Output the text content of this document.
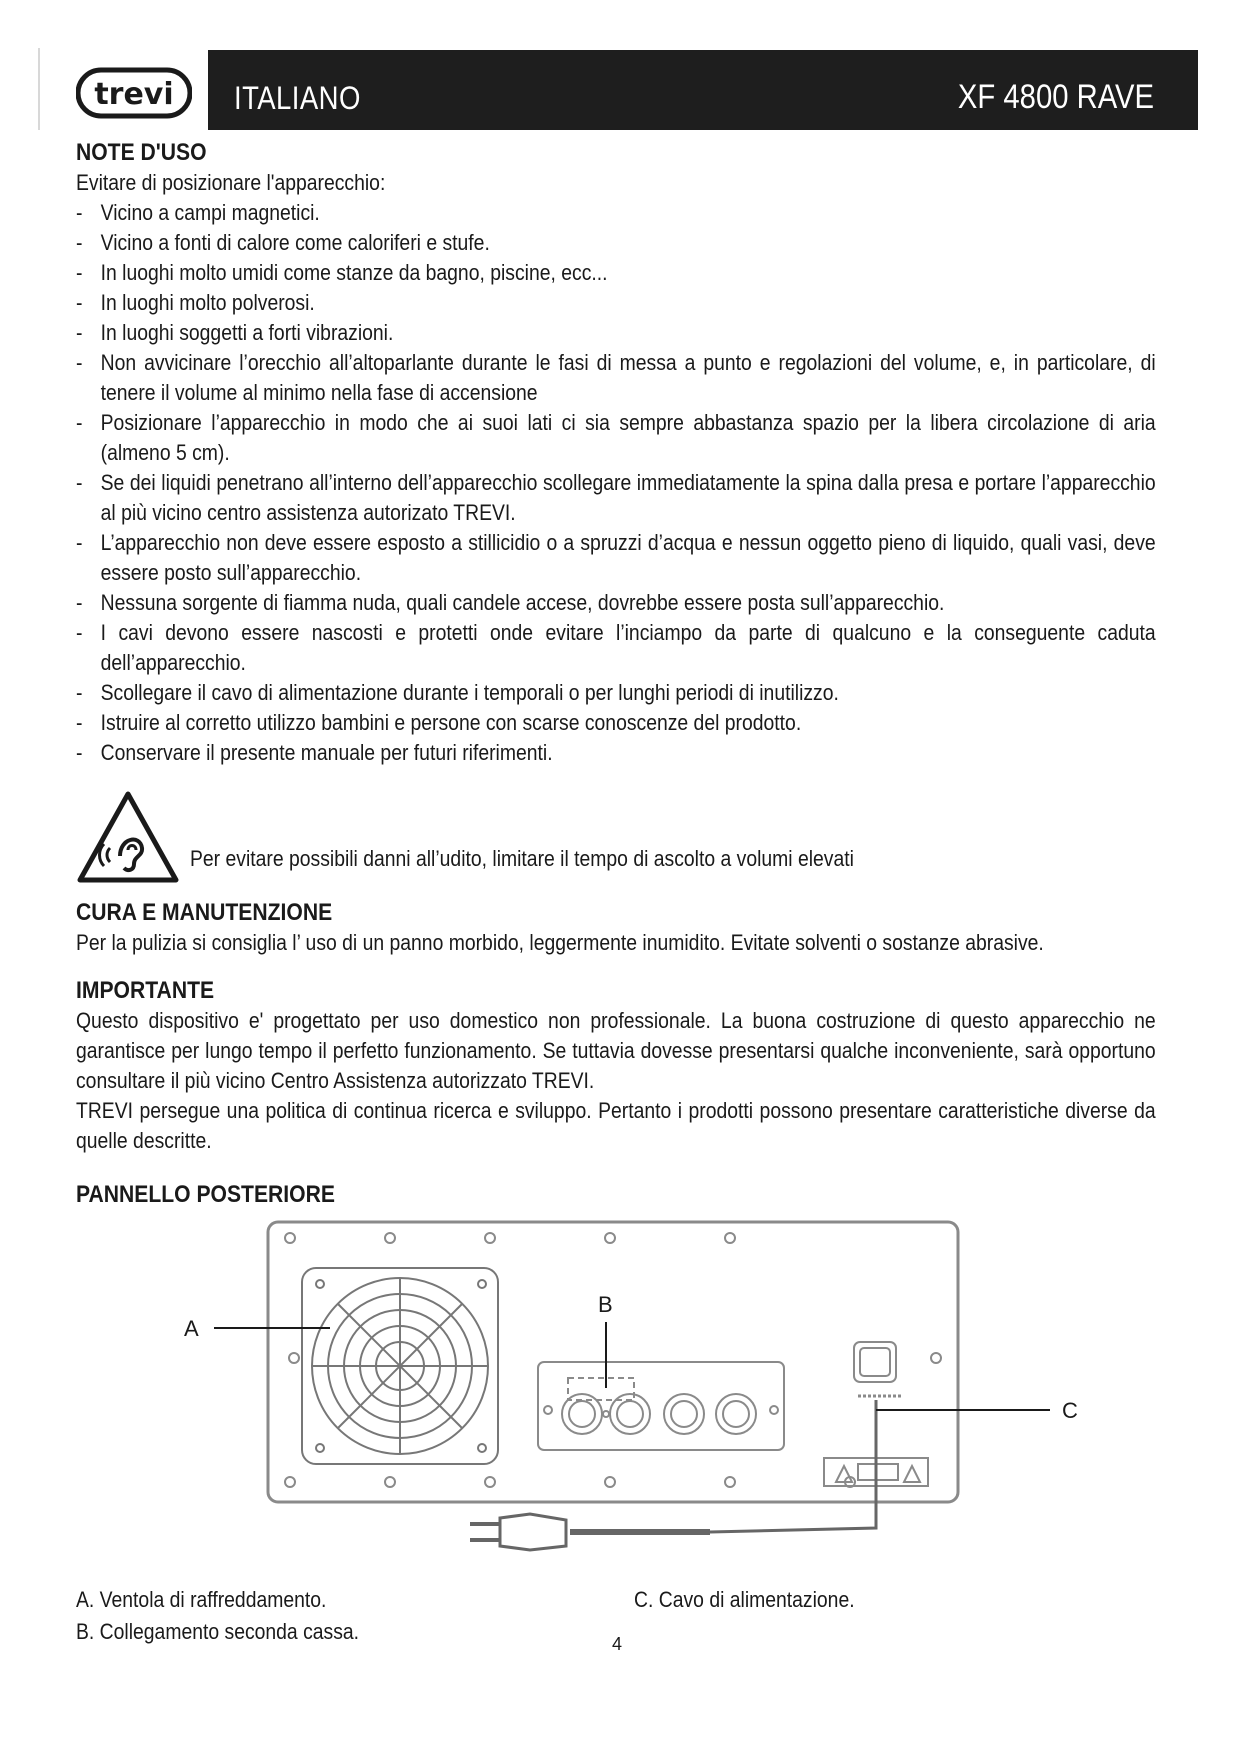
trevi ITALIANO	XF 4800 RAVE
NOTE D'USO

Evitare di posizionare l'apparecchio:

- Vicino a campi magnetici.
- Vicino a fonti di calore come caloriferi e stufe.
- In luoghi molto umidi come stanze da bagno, piscine, ecc...
- In luoghi molto polverosi.
- In luoghi soggetti a forti vibrazioni.
- Non avvicinare l’orecchio all’altoparlante durante le fasi di messa a punto e regolazioni del volume, e, in particolare, di tenere il volume al minimo nella fase di accensione
- Posizionare l’apparecchio in modo che ai suoi lati ci sia sempre abbastanza spazio per la libera circolazione di aria (almeno 5 cm).
- Se dei liquidi penetrano all’interno dell’apparecchio scollegare immediatamente la spina dalla presa e portare l’apparecchio al più vicino centro assistenza autorizato TREVI.
- L’apparecchio non deve essere esposto a stillicidio o a spruzzi d’acqua e nessun oggetto pieno di liquido, quali vasi, deve essere posto sull’apparecchio.
- Nessuna sorgente di fiamma nuda, quali candele accese, dovrebbe essere posta sull’apparecchio.
- I cavi devono essere nascosti e protetti onde evitare l’inciampo da parte di qualcuno e la conseguente caduta dell’apparecchio.
- Scollegare il cavo di alimentazione durante i temporali o per lunghi periodi di inutilizzo.
- Istruire al corretto utilizzo bambini e persone con scarse conoscenze del prodotto.
- Conservare il presente manuale per futuri riferimenti.
Per evitare possibili danni all’udito, limitare il tempo di ascolto a volumi elevati
CURA E MANUTENZIONE

Per la pulizia si consiglia l’ uso di un panno morbido, leggermente inumidito. Evitate solventi o sostanze abrasive.

IMPORTANTE

Questo dispositivo e' progettato per uso domestico non professionale. La buona costruzione di questo apparecchio ne garantisce per lungo tempo il perfetto funzionamento. Se tuttavia dovesse presentarsi qualche inconveniente, sarà opportuno consultare il più vicino Centro Assistenza autorizzato TREVI.

TREVI persegue una politica di continua ricerca e sviluppo. Pertanto i prodotti possono presentare caratteristiche diverse da quelle descritte.

PANNELLO POSTERIORE
A
B
C
A. Ventola di raffreddamento.
B. Collegamento seconda cassa.
C. Cavo di alimentazione.
4
